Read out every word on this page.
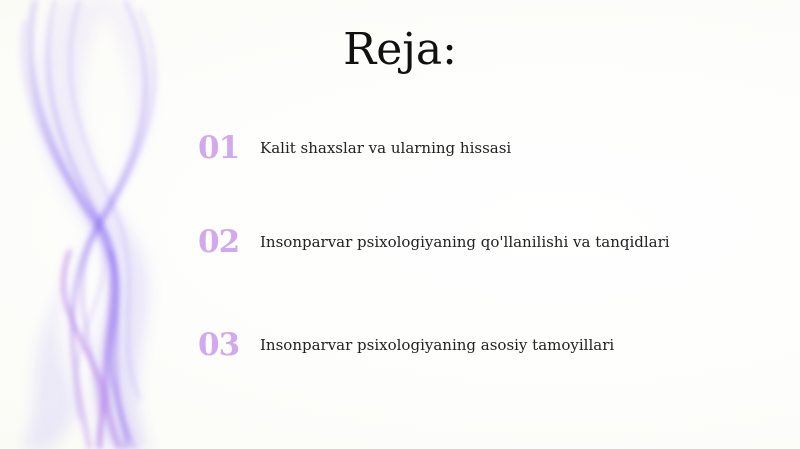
Reja:
01	Kalit shaxslar va ularning hissasi
02	Insonparvar psixologiyaning qo'llanilishi va tanqidlari
03	Insonparvar psixologiyaning asosiy tamoyillari
